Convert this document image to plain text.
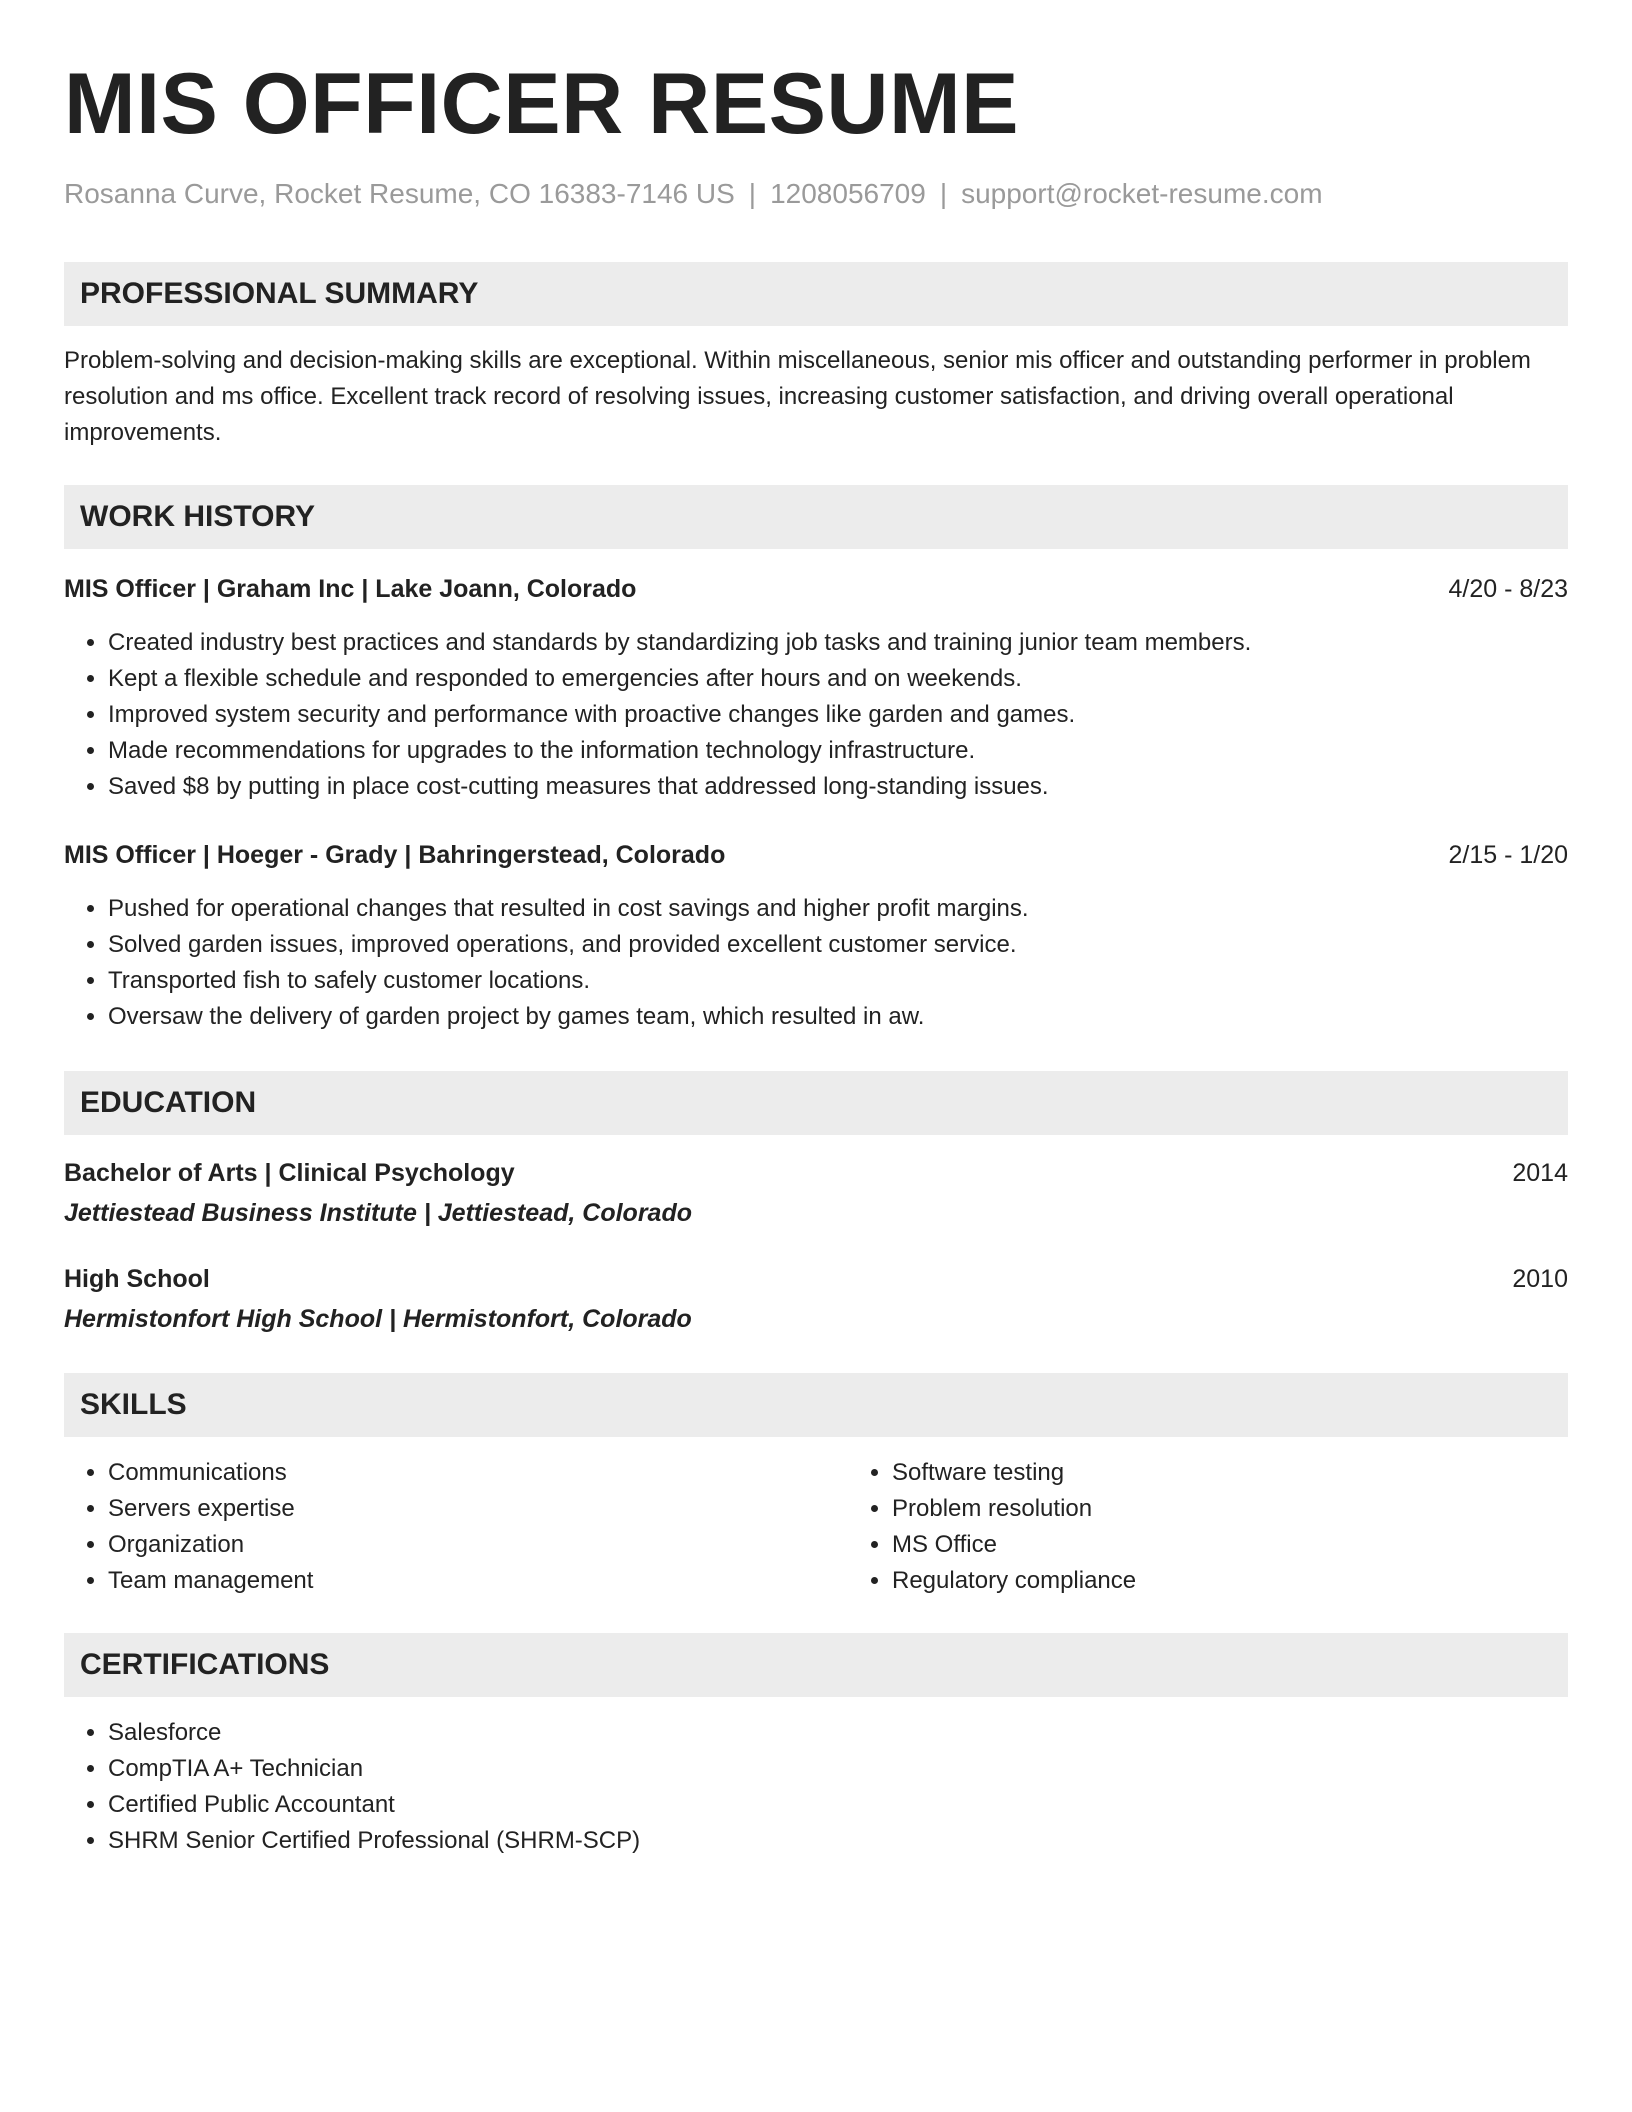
MIS OFFICER RESUME
Rosanna Curve, Rocket Resume, CO 16383-7146 US | 1208056709 | support@rocket-resume.com
PROFESSIONAL SUMMARY

Problem-solving and decision-making skills are exceptional. Within miscellaneous, senior mis officer and outstanding performer in problem resolution and ms office. Excellent track record of resolving issues, increasing customer satisfaction, and driving overall operational improvements.

WORK HISTORY
MIS Officer | Graham Inc | Lake Joann, Colorado	4/20 - 8/23
• Created industry best practices and standards by standardizing job tasks and training junior team members.
• Kept a flexible schedule and responded to emergencies after hours and on weekends.
• Improved system security and performance with proactive changes like garden and games.
• Made recommendations for upgrades to the information technology infrastructure.
• Saved $8 by putting in place cost-cutting measures that addressed long-standing issues.
MIS Officer | Hoeger - Grady | Bahringerstead, Colorado	2/15 - 1/20
• Pushed for operational changes that resulted in cost savings and higher profit margins.
• Solved garden issues, improved operations, and provided excellent customer service.
• Transported fish to safely customer locations.
• Oversaw the delivery of garden project by games team, which resulted in aw.
EDUCATION
Bachelor of Arts | Clinical Psychology	2014
Jettiestead Business Institute | Jettiestead, Colorado
High School	2010
Hermistonfort High School | Hermistonfort, Colorado
SKILLS
• Communications
• Servers expertise
• Organization
• Team management
• Software testing
• Problem resolution
• MS Office
• Regulatory compliance
CERTIFICATIONS
• Salesforce
• CompTIA A+ Technician
• Certified Public Accountant
• SHRM Senior Certified Professional (SHRM-SCP)
